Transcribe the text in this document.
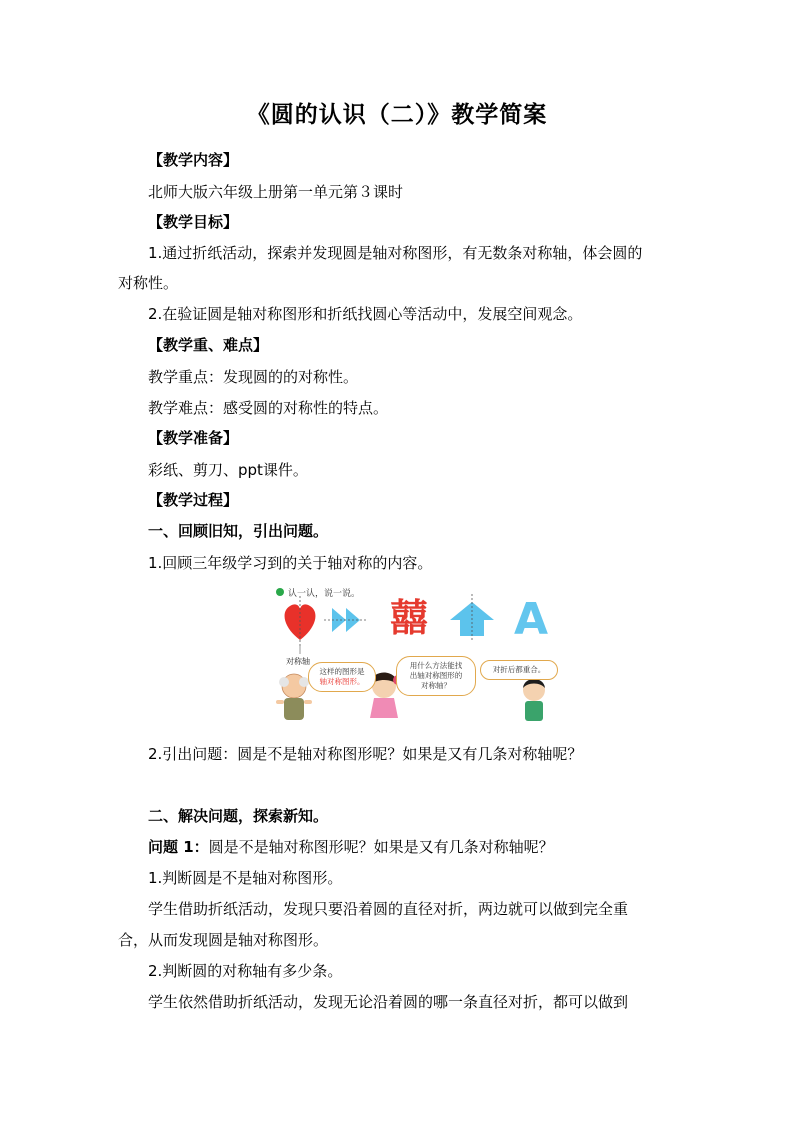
《圆的认识（二）》教学简案
【教学内容】
北师大版六年级上册第一单元第３课时
【教学目标】
1.通过折纸活动，探索并发现圆是轴对称图形，有无数条对称轴，体会圆的
对称性。
2.在验证圆是轴对称图形和折纸找圆心等活动中，发展空间观念。
【教学重、难点】
教学重点：发现圆的的对称性。
教学难点：感受圆的对称性的特点。
【教学准备】
彩纸、剪刀、ppt课件。
【教学过程】
一、回顾旧知，引出问题。
1.回顾三年级学习到的关于轴对称的内容。
认一认，说一说。
囍 A
对称轴
这样的图形是
轴对称图形。
用什么方法能找
出轴对称图形的
对称轴？
对折后都重合。
2.引出问题：圆是不是轴对称图形呢？如果是又有几条对称轴呢？
二、解决问题，探索新知。
问题 1：圆是不是轴对称图形呢？如果是又有几条对称轴呢？
1.判断圆是不是轴对称图形。
学生借助折纸活动，发现只要沿着圆的直径对折，两边就可以做到完全重
合，从而发现圆是轴对称图形。
2.判断圆的对称轴有多少条。
学生依然借助折纸活动，发现无论沿着圆的哪一条直径对折，都可以做到
